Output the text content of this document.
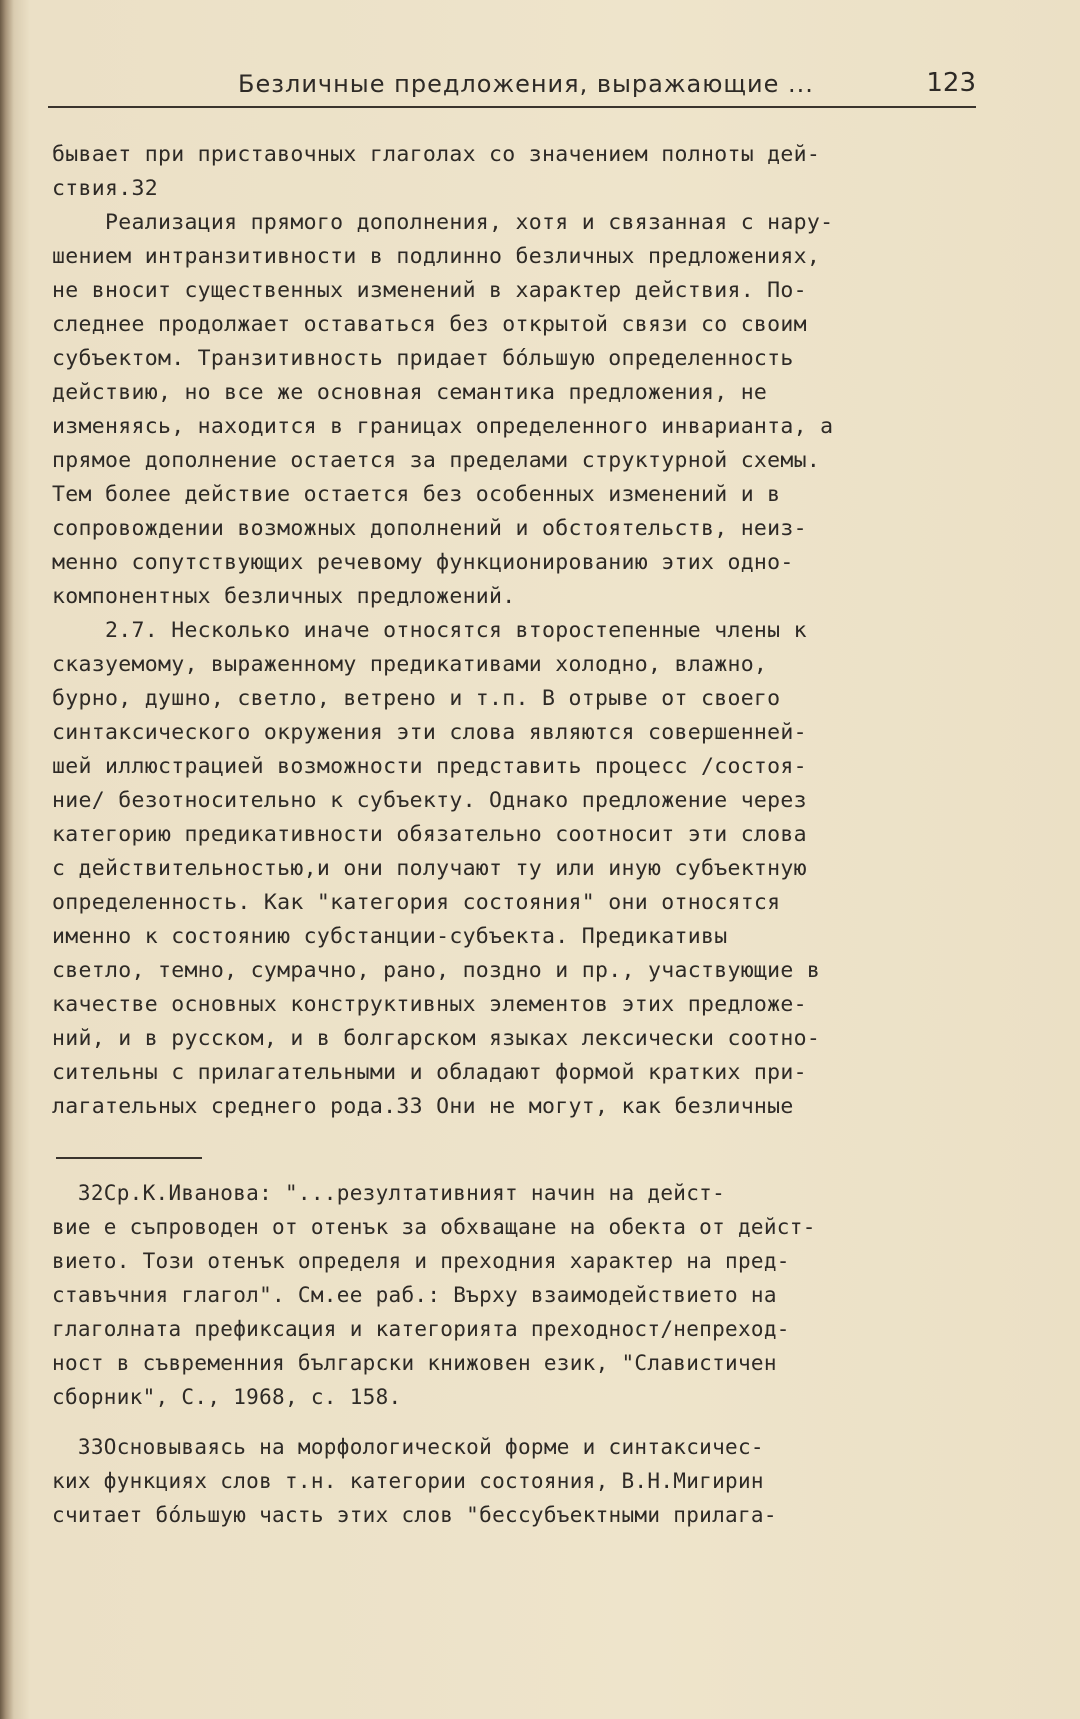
Безличные предложения, выражающие ...	123
бывает при приставочных глаголах со значением полноты дей-
ствия.32
Реализация прямого дополнения, хотя и связанная с нару-
шением интранзитивности в подлинно безличных предложениях,
не вносит существенных изменений в характер действия. По-
следнее продолжает оставаться без открытой связи со своим
субъектом. Транзитивность придает бо́льшую определенность
действию, но все же основная семантика предложения, не
изменяясь, находится в границах определенного инварианта, а
прямое дополнение остается за пределами структурной схемы.
Тем более действие остается без особенных изменений и в
сопровождении возможных дополнений и обстоятельств, неиз-
менно сопутствующих речевому функционированию этих одно-
компонентных безличных предложений.
2.7. Несколько иначе относятся второстепенные члены к
сказуемому, выраженному предикативами холодно, влажно,
бурно, душно, светло, ветрено и т.п. В отрыве от своего
синтаксического окружения эти слова являются совершенней-
шей иллюстрацией возможности представить процесс /состоя-
ние/ безотносительно к субъекту. Однако предложение через
категорию предикативности обязательно соотносит эти слова
с действительностью,и они получают ту или иную субъектную
определенность. Как "категория состояния" они относятся
именно к состоянию субстанции-субъекта. Предикативы
светло, темно, сумрачно, рано, поздно и пр., участвующие в
качестве основных конструктивных элементов этих предложе-
ний, и в русском, и в болгарском языках лексически соотно-
сительны с прилагательными и обладают формой кратких при-
лагательных среднего рода.33 Они не могут, как безличные
32Ср.К.Иванова: "...резултативният начин на дейст-
вие е съпроводен от отенък за обхващане на обекта от дейст-
вието. Този отенък определя и преходния характер на пред-
ставъчния глагол". См.ее раб.: Върху взаимодействието на
глаголната префиксация и категорията преходност/непреход-
ност в съвременния български книжовен език, "Славистичен
сборник", С., 1968, с. 158.
33Основываясь на морфологической форме и синтаксичес-
ких функциях слов т.н. категории состояния, В.Н.Мигирин
считает бо́льшую часть этих слов "бессубъектными прилага-
